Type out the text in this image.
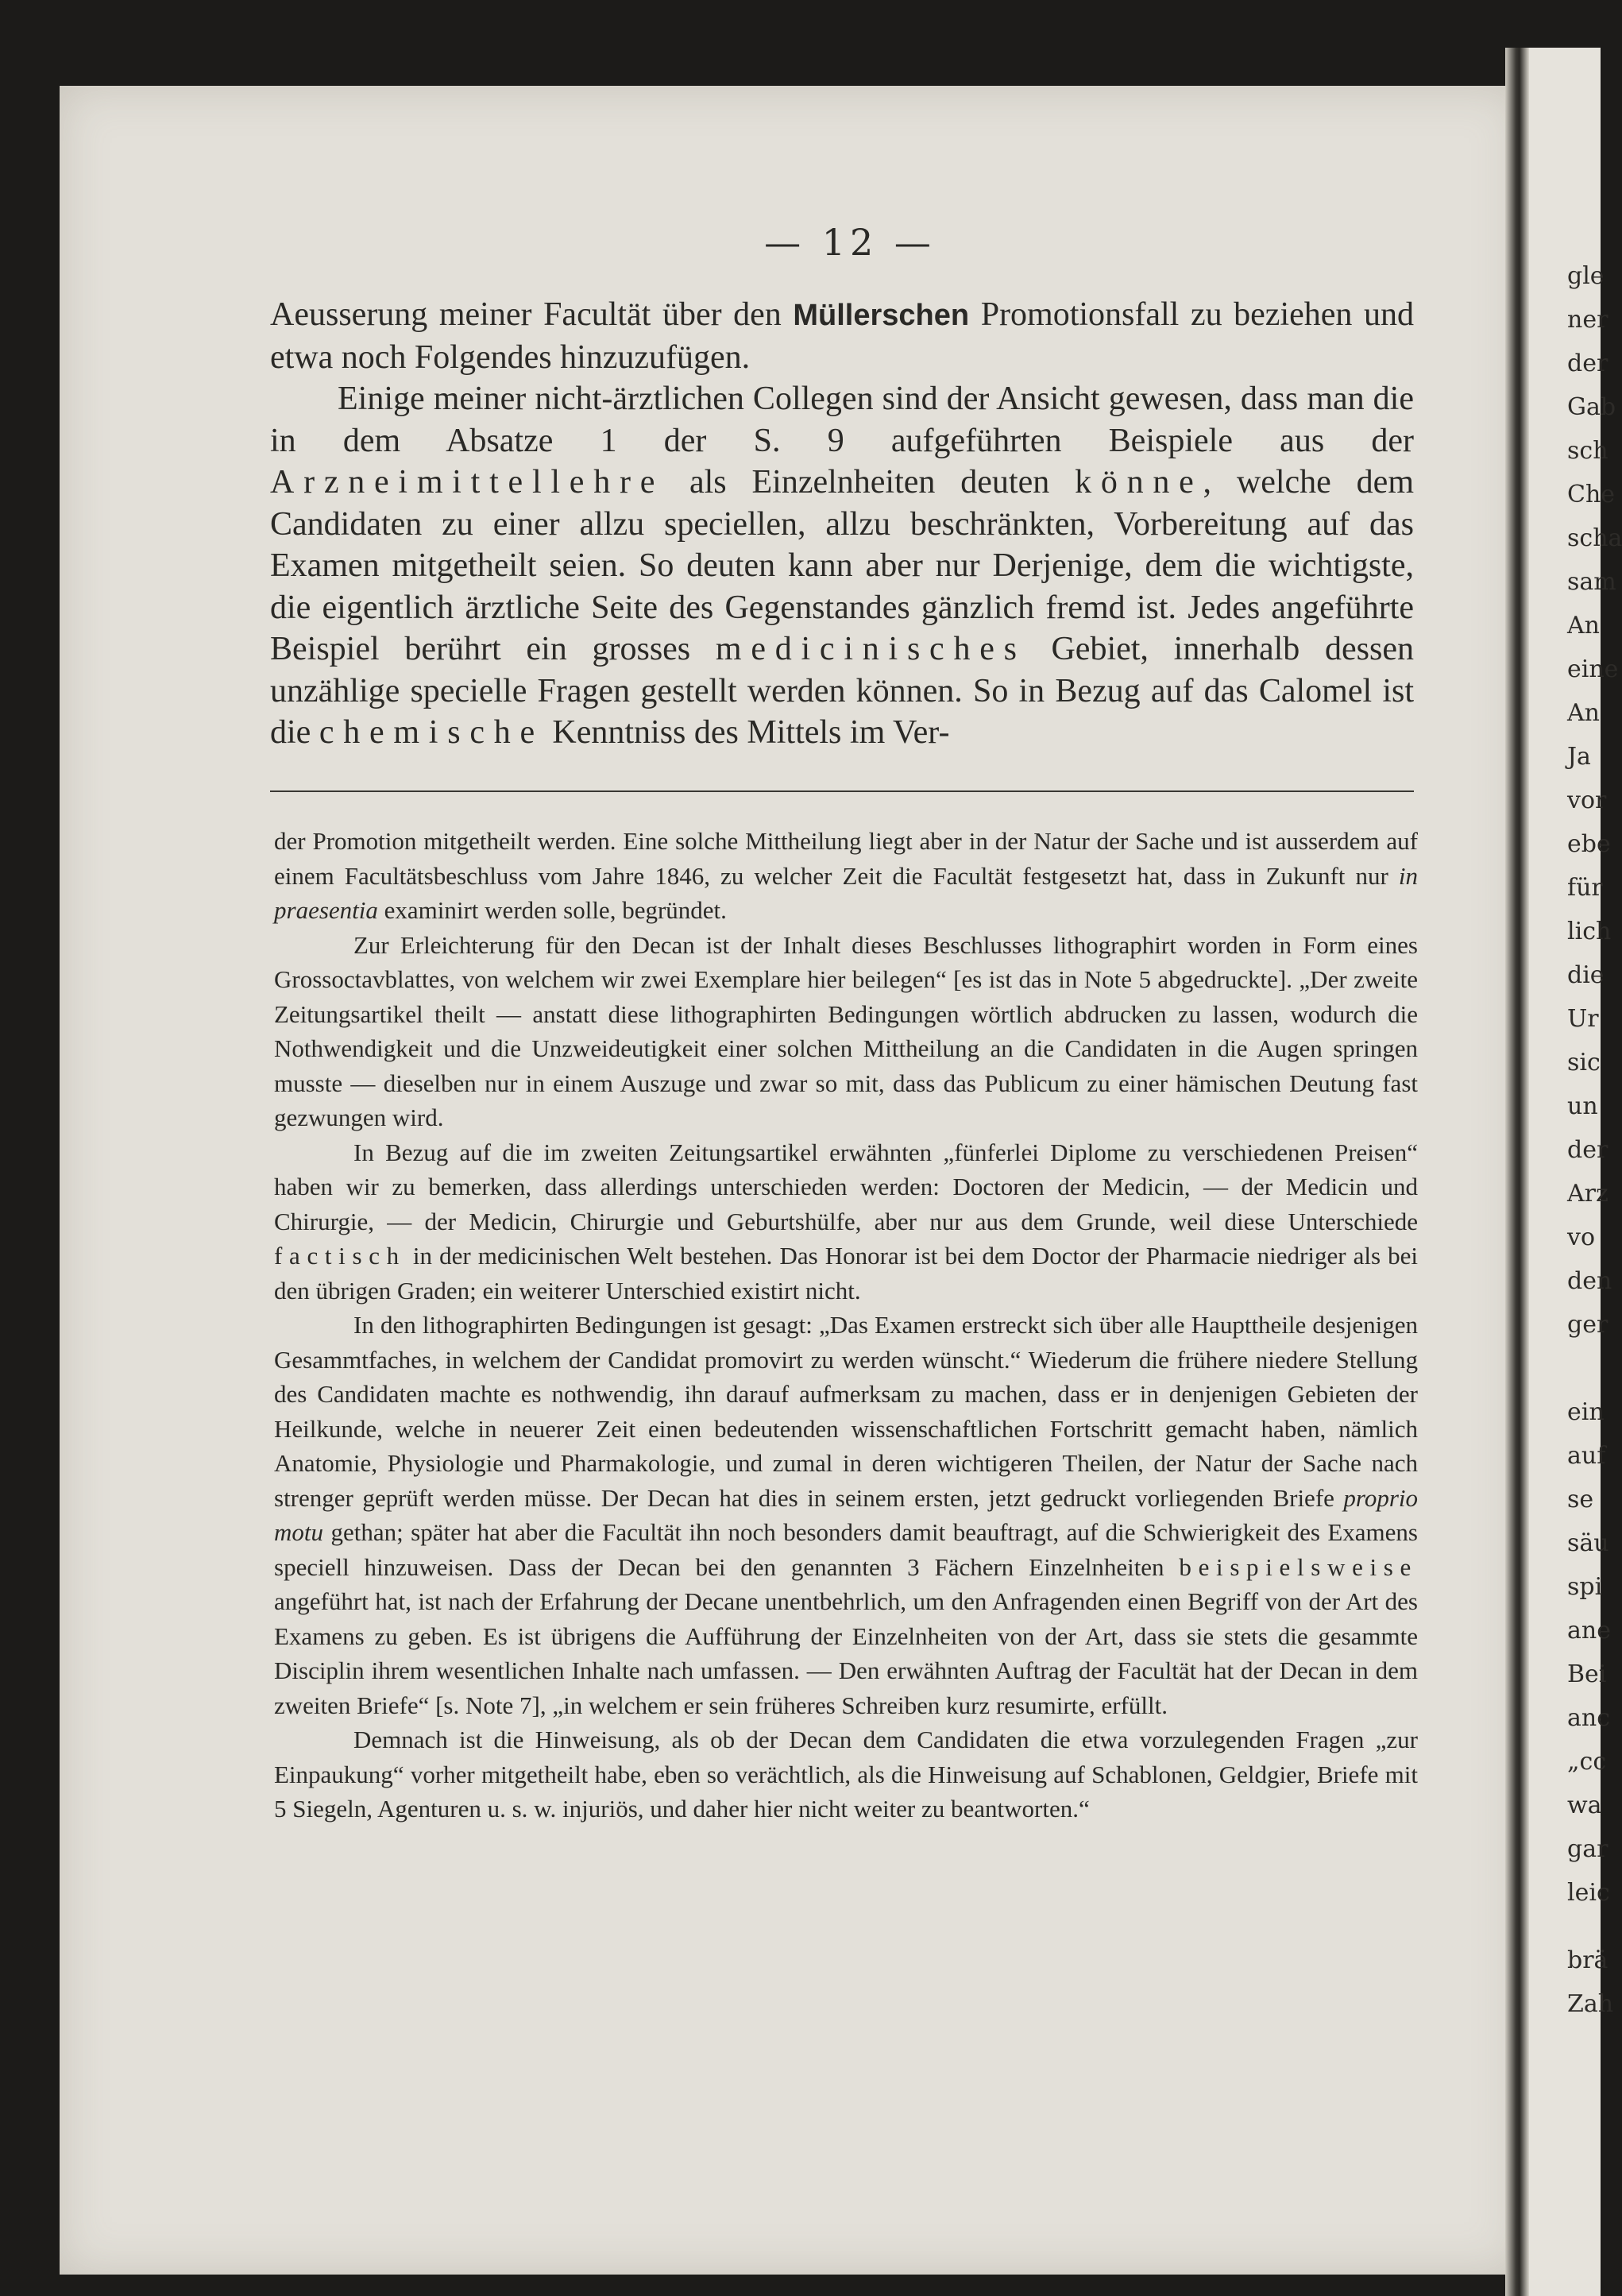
gle
ner
der
Gab
sch
Che
scha
sam
An
eine
An
Ja
vor
ebe
für
lich
die
Ur
sic
un
der
Arz
vo
den
ger
ein
auf
se
säu
spi
ane
Bei
anc
„cc
wa
gar
leic
brä
Zah
— 12 —

Aeusserung meiner Facultät über den Müllerschen Promotionsfall zu beziehen und etwa noch Folgendes hinzuzufügen.

Einige meiner nicht-ärztlichen Collegen sind der Ansicht gewesen, dass man die in dem Absatze 1 der S. 9 aufgeführten Beispiele aus der Arzneimittellehre als Einzelnheiten deuten könne, welche dem Candidaten zu einer allzu speciellen, allzu beschränkten, Vorbereitung auf das Examen mitgetheilt seien. So deuten kann aber nur Derjenige, dem die wichtigste, die eigentlich ärztliche Seite des Gegenstandes gänzlich fremd ist. Jedes angeführte Beispiel berührt ein grosses medicinisches Gebiet, innerhalb dessen unzählige specielle Fragen gestellt werden können. So in Bezug auf das Calomel ist die chemische Kenntniss des Mittels im Ver-

der Promotion mitgetheilt werden. Eine solche Mittheilung liegt aber in der Natur der Sache und ist ausserdem auf einem Facultätsbeschluss vom Jahre 1846, zu welcher Zeit die Facultät festgesetzt hat, dass in Zukunft nur in praesentia examinirt werden solle, begründet.

Zur Erleichterung für den Decan ist der Inhalt dieses Beschlusses lithographirt worden in Form eines Grossoctavblattes, von welchem wir zwei Exemplare hier beilegen“ [es ist das in Note 5 abgedruckte]. „Der zweite Zeitungsartikel theilt — anstatt diese lithographirten Bedingungen wörtlich abdrucken zu lassen, wodurch die Nothwendigkeit und die Unzweideutigkeit einer solchen Mittheilung an die Candidaten in die Augen springen musste — dieselben nur in einem Auszuge und zwar so mit, dass das Publicum zu einer hämischen Deutung fast gezwungen wird.

In Bezug auf die im zweiten Zeitungsartikel erwähnten „fünferlei Diplome zu verschiedenen Preisen“ haben wir zu bemerken, dass allerdings unterschieden werden: Doctoren der Medicin, — der Medicin und Chirurgie, — der Medicin, Chirurgie und Geburtshülfe, aber nur aus dem Grunde, weil diese Unterschiede factisch in der medicinischen Welt bestehen. Das Honorar ist bei dem Doctor der Pharmacie niedriger als bei den übrigen Graden; ein weiterer Unterschied existirt nicht.

In den lithographirten Bedingungen ist gesagt: „Das Examen erstreckt sich über alle Haupttheile desjenigen Gesammtfaches, in welchem der Candidat promovirt zu werden wünscht.“ Wiederum die frühere niedere Stellung des Candidaten machte es nothwendig, ihn darauf aufmerksam zu machen, dass er in denjenigen Gebieten der Heilkunde, welche in neuerer Zeit einen bedeutenden wissenschaftlichen Fortschritt gemacht haben, nämlich Anatomie, Physiologie und Pharmakologie, und zumal in deren wichtigeren Theilen, der Natur der Sache nach strenger geprüft werden müsse. Der Decan hat dies in seinem ersten, jetzt gedruckt vorliegenden Briefe proprio motu gethan; später hat aber die Facultät ihn noch besonders damit beauftragt, auf die Schwierigkeit des Examens speciell hinzuweisen. Dass der Decan bei den genannten 3 Fächern Einzelnheiten beispielsweise angeführt hat, ist nach der Erfahrung der Decane unentbehrlich, um den Anfragenden einen Begriff von der Art des Examens zu geben. Es ist übrigens die Aufführung der Einzelnheiten von der Art, dass sie stets die gesammte Disciplin ihrem wesentlichen Inhalte nach umfassen. — Den erwähnten Auftrag der Facultät hat der Decan in dem zweiten Briefe“ [s. Note 7], „in welchem er sein früheres Schreiben kurz resumirte, erfüllt.

Demnach ist die Hinweisung, als ob der Decan dem Candidaten die etwa vorzulegenden Fragen „zur Einpaukung“ vorher mitgetheilt habe, eben so verächtlich, als die Hinweisung auf Schablonen, Geldgier, Briefe mit 5 Siegeln, Agenturen u. s. w. injuriös, und daher hier nicht weiter zu beantworten.“
